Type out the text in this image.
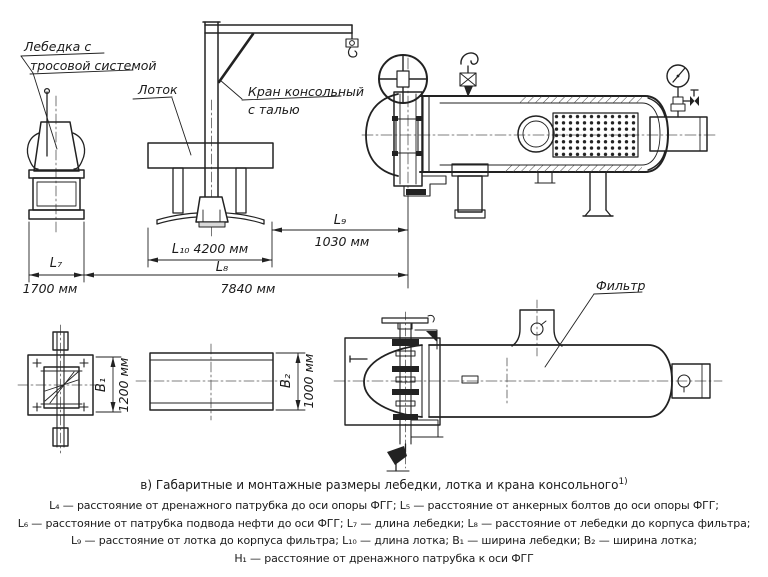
Лебедка с
тросовой системой
Кран консольный
с талью
Лоток
L₇
1700 мм
L₈
7840 мм
L₁₀ 4200 мм
L₉
1030 мм
B₁ 1200 мм	B₂ 1000 мм
Фильтр
в) Габаритные и монтажные размеры лебедки, лотка и крана консольного$^{1)}$
L₄ — расстояние от дренажного патрубка до оси опоры ФГГ; L₅ — расстояние от анкерных болтов до оси опоры ФГГ;
L₆ — расстояние от патрубка подвода нефти до оси ФГГ; L₇ — длина лебедки; L₈ — расстояние от лебедки до корпуса фильтра;
L₉ — расстояние от лотка до корпуса фильтра; L₁₀ — длина лотка; B₁ — ширина лебедки; B₂ — ширина лотка;
H₁ — расстояние от дренажного патрубка к оси ФГГ
